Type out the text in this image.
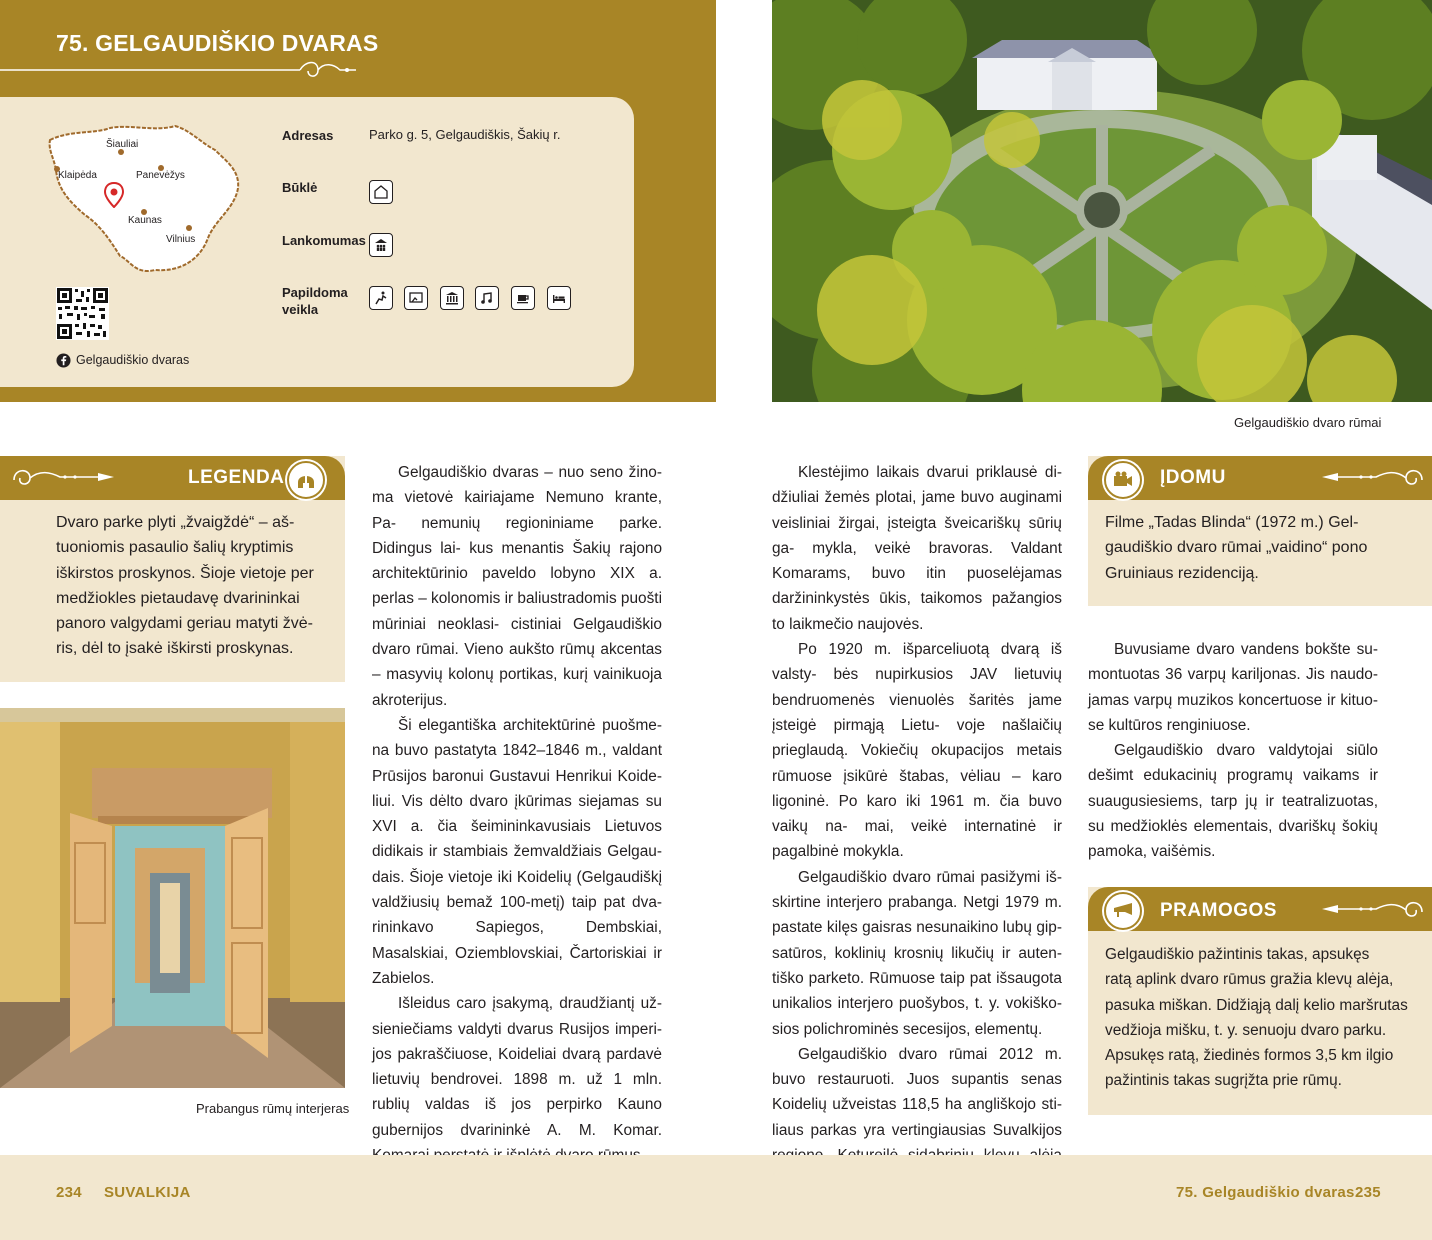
75. GELGAUDIŠKIO DVARAS
Šiauliai
Klaipėda	Panevėžys
Kaunas
Vilnius
Gelgaudiškio dvaras
Adresas	Parko g. 5, Gelgaudiškis, Šakių r.
Būklė
Lankomumas
Papildoma
veikla
Gelgaudiškio dvaro rūmai
LEGENDA
Dvaro parke plyti „žvaigždė“ – aš-
tuoniomis pasaulio šalių kryptimis
iškirstos proskynos. Šioje vietoje per
medžiokles pietaudavę dvarininkai
panoro valgydami geriau matyti žvė-
ris, dėl to įsakė iškirsti proskynas.
Prabangus rūmų interjeras

Gelgaudiškio dvaras – nuo seno žino- ma vietovė kairiajame Nemuno krante, Pa- nemunių regioniniame parke. Didingus lai- kus menantis Šakių rajono architektūrinio paveldo lobyno XIX a. perlas – kolonomis ir baliustradomis puošti mūriniai neoklasi- cistiniai Gelgaudiškio dvaro rūmai. Vieno aukšto rūmų akcentas – masyvių kolonų portikas, kurį vainikuoja akroterijus.

Ši elegantiška architektūrinė puošme- na buvo pastatyta 1842–1846 m., valdant Prūsijos baronui Gustavui Henrikui Koide- liui. Vis dėlto dvaro įkūrimas siejamas su XVI a. čia šeimininkavusiais Lietuvos didikais ir stambiais žemvaldžiais Gelgau- dais. Šioje vietoje iki Koidelių (Gelgaudiškį valdžiusių bemaž 100-metį) taip pat dva- rininkavo Sapiegos, Dembskiai, Masalskiai, Oziemblovskiai, Čartoriskiai ir Zabielos.

Išleidus caro įsakymą, draudžiantį už- sieniečiams valdyti dvarus Rusijos imperi- jos pakraščiuose, Koideliai dvarą pardavė lietuvių bendrovei. 1898 m. už 1 mln. rublių valdas iš jos perpirko Kauno gubernijos dvarininkė A. M. Komar.

Klestėjimo laikais dvarui priklausė di- džiuliai žemės plotai, jame buvo auginami veisliniai žirgai, įsteigta šveicariškų sūrių ga- mykla, veikė bravoras. Valdant Komarams, buvo itin puoselėjamas daržininkystės ūkis, taikomos pažangios to laikmečio naujovės.

Po 1920 m. išparceliuotą dvarą iš valsty- bės nupirkusios JAV lietuvių bendruomenės vienuolės šaritės jame įsteigė pirmąją Lietu- voje našlaičių prieglaudą. Vokiečių okupacijos metais rūmuose įsikūrė štabas, vėliau – karo ligoninė. Po karo iki 1961 m. čia buvo vaikų na- mai, veikė internatinė ir pagalbinė mokykla.

Gelgaudiškio dvaro rūmai pasižymi iš- skirtine interjero prabanga. Netgi 1979 m. pastate kilęs gaisras nesunaikino lubų gip- satūros, koklinių krosnių likučių ir auten- tiško parketo. Rūmuose taip pat išsaugota unikalios interjero puošybos, t. y. vokiško- sios polichrominės secesijos, elementų.

Gelgaudiškio dvaro rūmai 2012 m. buvo restauruoti. Juos supantis senas Koidelių užveistas 118,5 ha angliškojo sti- liaus parkas yra vertingiausias Suvalkijos

ĮDOMU
Filme „Tadas Blinda“ (1972 m.) Gel-
gaudiškio dvaro rūmai „vaidino“ pono
Gruiniaus rezidenciją.

Buvusiame dvaro vandens bokšte su- montuotas 36 varpų kariljonas. Jis naudo- jamas varpų muzikos koncertuose ir kituo- se kultūros renginiuose.

Gelgaudiškio dvaro valdytojai siūlo dešimt edukacinių programų vaikams ir suaugusiesiems, tarp jų ir teatralizuotas, su medžioklės elementais, dvariškų šokių pamoka, vaišėmis.

PRAMOGOS
Gelgaudiškio pažintinis takas, apsukęs
ratą aplink dvaro rūmus gražia klevų alėja,
pasuka miškan. Didžiąją dalį kelio maršrutas
vedžioja mišku, t. y. senuoju dvaro parku.
Apsukęs ratą, žiedinės formos 3,5 km ilgio
pažintinis takas sugrįžta prie rūmų.
234 SUVALKIJA	75. Gelgaudiškio dvaras 235
